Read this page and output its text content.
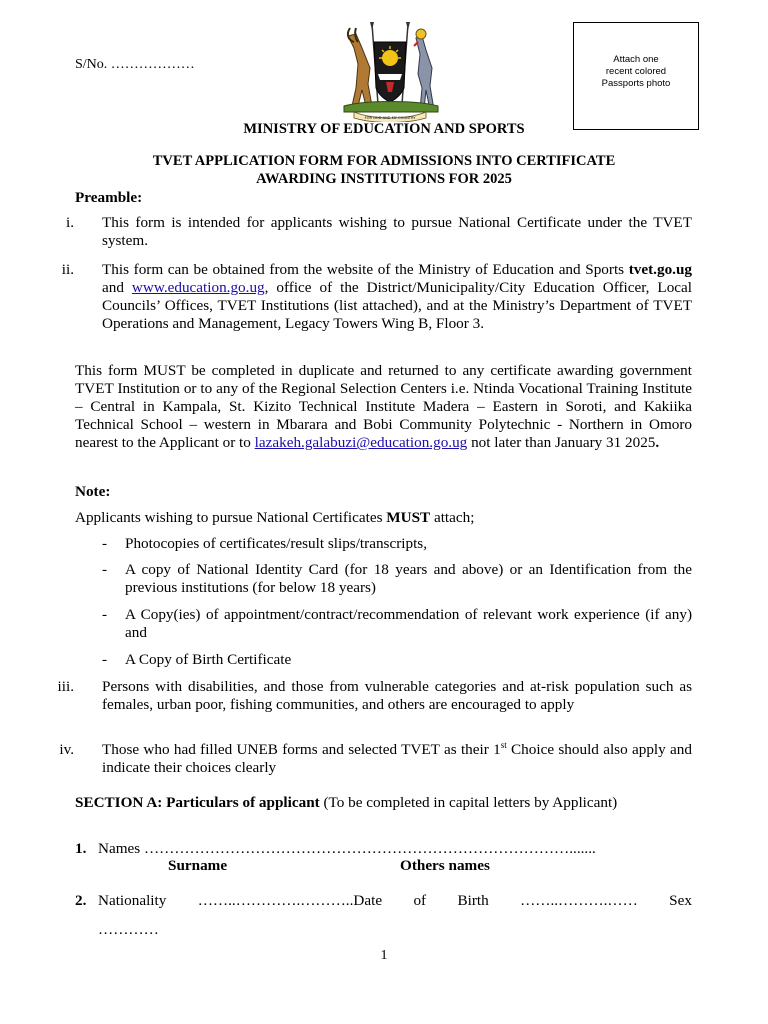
S/No. ………………
FOR GOD AND MY COUNTRY
Attach one
recent colored
Passports photo
MINISTRY OF EDUCATION AND SPORTS
TVET APPLICATION FORM FOR ADMISSIONS INTO CERTIFICATE
AWARDING INSTITUTIONS FOR 2025
Preamble:
i. This form is intended for applicants wishing to pursue National Certificate under the TVET system.
ii. This form can be obtained from the website of the Ministry of Education and Sports tvet.go.ug and www.education.go.ug, office of the District/Municipality/City Education Officer, Local Councils’ Offices, TVET Institutions (list attached), and at the Ministry’s Department of TVET Operations and Management, Legacy Towers Wing B, Floor 3.
This form MUST be completed in duplicate and returned to any certificate awarding government TVET Institution or to any of the Regional Selection Centers i.e. Ntinda Vocational Training Institute – Central in Kampala, St. Kizito Technical Institute Madera – Eastern in Soroti, and Kakiika Technical School – western in Mbarara and Bobi Community Polytechnic - Northern in Omoro nearest to the Applicant or to lazakeh.galabuzi@education.go.ug not later than January 31 2025.
Note:
Applicants wishing to pursue National Certificates MUST attach;
- Photocopies of certificates/result slips/transcripts,
- A copy of National Identity Card (for 18 years and above) or an Identification from the previous institutions (for below 18 years)
- A Copy(ies) of appointment/contract/recommendation of relevant work experience (if any) and
- A Copy of Birth Certificate
iii. Persons with disabilities, and those from vulnerable categories and at-risk population such as females, urban poor, fishing communities, and others are encouraged to apply
iv. Those who had filled UNEB forms and selected TVET as their 1st Choice should also apply and indicate their choices clearly
SECTION A: Particulars of applicant (To be completed in capital letters by Applicant)
1. Names ………………………………………………………………………….......
Surname	Others names
2. Nationality ……..………….………..Date of Birth ……..……….…… Sex
…………
1
